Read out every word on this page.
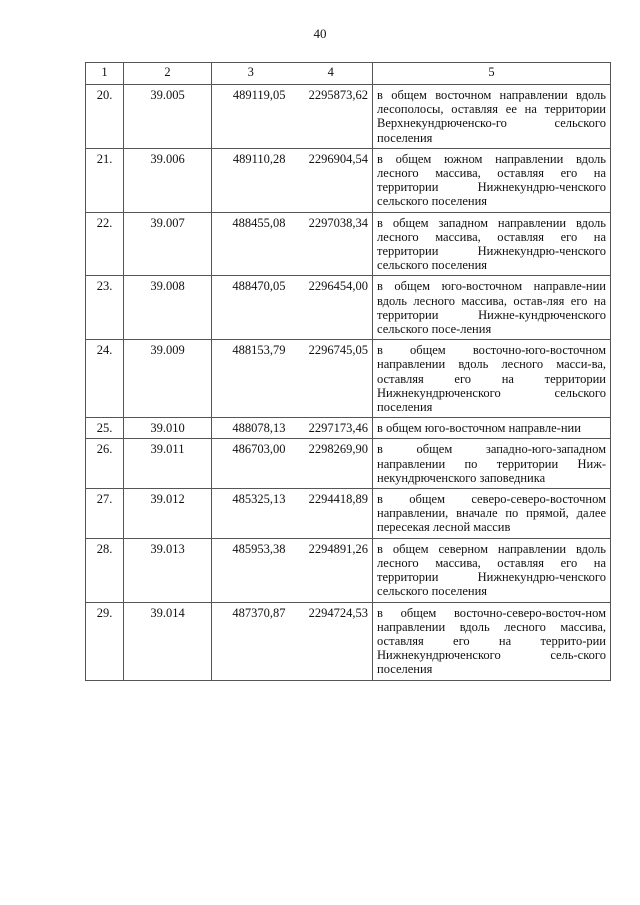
40
1	2	3	4	5
20.	39.005	489119,05	2295873,62	в общем восточном направлении вдоль лесополосы, оставляя ее на территории Верхнекундрюченско-го сельского поселения
21.	39.006	489110,28	2296904,54	в общем южном направлении вдоль лесного массива, оставляя его на территории Нижнекундрю-ченского сельского поселения
22.	39.007	488455,08	2297038,34	в общем западном направлении вдоль лесного массива, оставляя его на территории Нижнекундрю-ченского сельского поселения
23.	39.008	488470,05	2296454,00	в общем юго-восточном направле-нии вдоль лесного массива, остав-ляя его на территории Нижне-кундрюченского сельского посе-ления
24.	39.009	488153,79	2296745,05	в общем восточно-юго-восточном направлении вдоль лесного масси-ва, оставляя его на территории Нижнекундрюченского сельского поселения
25.	39.010	488078,13	2297173,46	в общем юго-восточном направле-нии
26.	39.011	486703,00	2298269,90	в общем западно-юго-западном направлении по территории Ниж-некундрюченского заповедника
27.	39.012	485325,13	2294418,89	в общем северо-северо-восточном направлении, вначале по прямой, далее пересекая лесной массив
28.	39.013	485953,38	2294891,26	в общем северном направлении вдоль лесного массива, оставляя его на территории Нижнекундрю-ченского сельского поселения
29.	39.014	487370,87	2294724,53	в общем восточно-северо-восточ-ном направлении вдоль лесного массива, оставляя его на террито-рии Нижнекундрюченского сель-ского поселения
